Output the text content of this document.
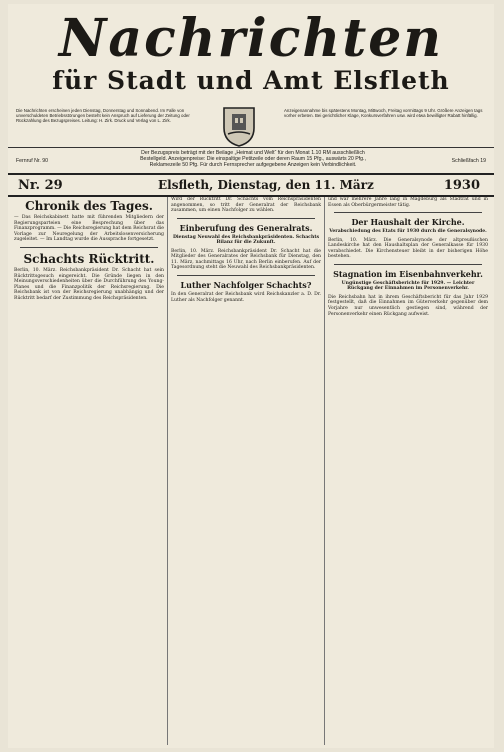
Nachrichten
für Stadt und Amt Elsfleth
Die Nachrichten erscheinen jeden Dienstag, Donnerstag und Sonnabend. Im Falle von unverschuldeten Betriebsstörungen besteht kein Anspruch auf Lieferung der Zeitung oder Rückzahlung des Bezugspreises. Leitung: H. Zirk. Druck und Verlag von L. Zirk.
Anzeigenannahme bis spätestens Montag, Mittwoch, Freitag vormittags 9 Uhr. Größere Anzeigen tags vorher erbeten. Bei gerichtlicher Klage, Konkursverfahren usw. wird etwa bewilligter Rabatt hinfällig.
Fernruf Nr. 90
Der Bezugspreis beträgt mit der Beilage „Heimat und Welt“ für den Monat 1.10 RM ausschließlich Bestellgeld. Anzeigenpreise: Die einspaltige Petitzeile oder deren Raum 15 Pfg., auswärts 20 Pfg., Reklamezeile 50 Pfg. Für durch Fernsprecher aufgegebene Anzeigen kein Verbindlichkeit.
Schließfach 19
Nr. 29	Elsfleth, Dienstag, den 11. März	1930
Chronik des Tages.
— Das Reichskabinett hatte mit führenden Mitgliedern der Regierungsparteien eine Besprechung über das Finanzprogramm. — Die Reichsregierung hat dem Reichsrat die Vorlage zur Neuregelung der Arbeitslosenversicherung zugeleitet. — Im Landtag wurde die Aussprache fortgesetzt.
Schachts Rücktritt.
Berlin, 10. März. Reichsbankpräsident Dr. Schacht hat sein Rücktrittsgesuch eingereicht. Die Gründe liegen in den Meinungsverschiedenheiten über die Durchführung des Young-Planes und die Finanzpolitik der Reichsregierung. Die Reichsbank ist von der Reichsregierung unabhängig und der Rücktritt bedarf der Zustimmung des Reichspräsidenten.
Wird der Rücktritt Dr. Schachts vom Reichspräsidenten angenommen, so tritt der Generalrat der Reichsbank zusammen, um einen Nachfolger zu wählen.
Einberufung des Generalrats.
Dienstag Neuwahl des Reichsbankpräsidenten. Schachts Bilanz für die Zukunft.
Berlin, 10. März. Reichsbankpräsident Dr. Schacht hat die Mitglieder des Generalrates der Reichsbank für Dienstag, den 11. März, nachmittags 16 Uhr, nach Berlin einberufen. Auf der Tagesordnung steht die Neuwahl des Reichsbankpräsidenten.
Luther Nachfolger Schachts?
In den Generalrat der Reichsbank wird Reichskanzler a. D. Dr. Luther als Nachfolger genannt.
und war mehrere Jahre lang in Magdeburg als Stadtrat und in Essen als Oberbürgermeister tätig.
Der Haushalt der Kirche.
Verabschiedung des Etats für 1930 durch die Generalsynode.
Berlin, 10. März. Die Generalsynode der altpreußischen Landeskirche hat den Haushaltsplan der Generalkasse für 1930 verabschiedet. Die Kirchensteuer bleibt in der bisherigen Höhe bestehen.
Stagnation im Eisenbahnverkehr.
Ungünstige Geschäftsberichte für 1929. — Leichter Rückgang der Einnahmen im Personenverkehr.
Die Reichsbahn hat in ihrem Geschäftsbericht für das Jahr 1929 festgestellt, daß die Einnahmen im Güterverkehr gegenüber dem Vorjahre nur unwesentlich gestiegen sind, während der Personenverkehr einen Rückgang aufweist.
